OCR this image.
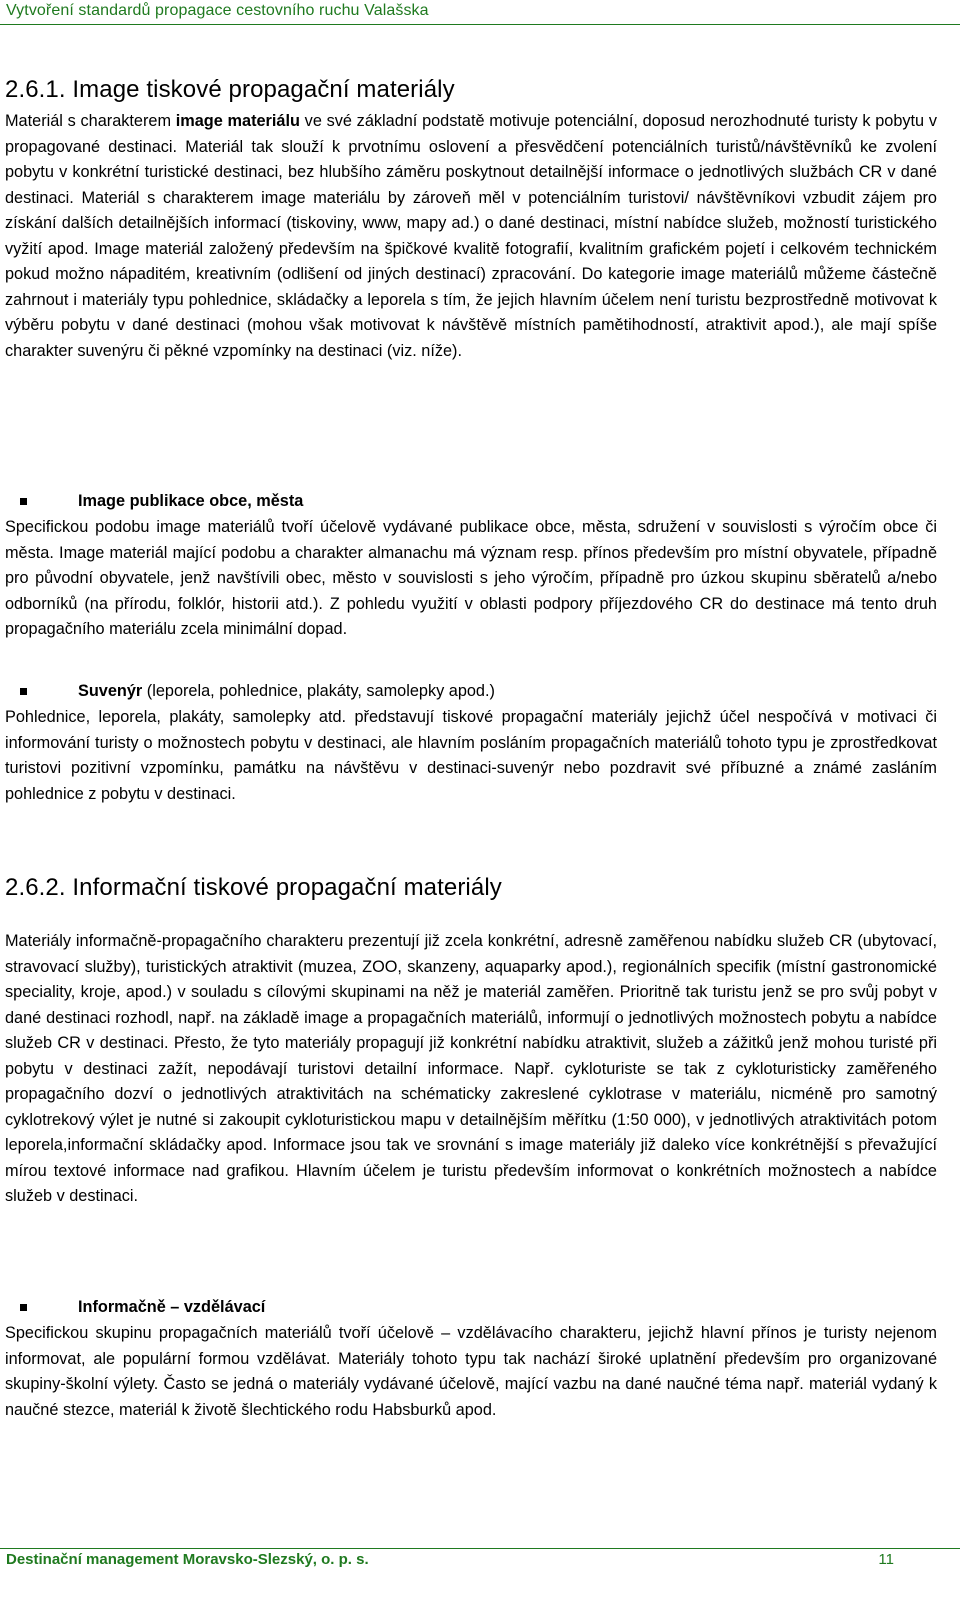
Vytvoření standardů propagace cestovního ruchu Valašska
2.6.1. Image tiskové propagační materiály

Materiál s charakterem image materiálu ve své základní podstatě motivuje potenciální, doposud nerozhodnuté turisty k pobytu v propagované destinaci. Materiál tak slouží k prvotnímu oslovení a přesvědčení potenciálních turistů/návštěvníků ke zvolení pobytu v konkrétní turistické destinaci, bez hlubšího záměru poskytnout detailnější informace o jednotlivých službách CR v dané destinaci. Materiál s charakterem image materiálu by zároveň měl v potenciálním turistovi/ návštěvníkovi vzbudit zájem pro získání dalších detailnějších informací (tiskoviny, www, mapy ad.) o dané destinaci, místní nabídce služeb, možností turistického vyžití apod. Image materiál založený především na špičkové kvalitě fotografií, kvalitním grafickém pojetí i celkovém technickém pokud možno nápaditém, kreativním (odlišení od jiných destinací) zpracování. Do kategorie image materiálů můžeme částečně zahrnout i materiály typu pohlednice, skládačky a leporela s tím, že jejich hlavním účelem není turistu bezprostředně motivovat k výběru pobytu v dané destinaci (mohou však motivovat k návštěvě místních pamětihodností, atraktivit apod.), ale mají spíše charakter suvenýru či pěkné vzpomínky na destinaci (viz. níže).

Image publikace obce, města

Specifickou podobu image materiálů tvoří účelově vydávané publikace obce, města, sdružení v souvislosti s výročím obce či města. Image materiál mající podobu a charakter almanachu má význam resp. přínos především pro místní obyvatele, případně pro původní obyvatele, jenž navštívili obec, město v souvislosti s jeho výročím, případně pro úzkou skupinu sběratelů a/nebo odborníků (na přírodu, folklór, historii atd.). Z pohledu využití v oblasti podpory příjezdového CR do destinace má tento druh propagačního materiálu zcela minimální dopad.

Suvenýr (leporela, pohlednice, plakáty, samolepky apod.)

Pohlednice, leporela, plakáty, samolepky atd. představují tiskové propagační materiály jejichž účel nespočívá v motivaci či informování turisty o možnostech pobytu v destinaci, ale hlavním posláním propagačních materiálů tohoto typu je zprostředkovat turistovi pozitivní vzpomínku, památku na návštěvu v destinaci-suvenýr nebo pozdravit své příbuzné a známé zasláním pohlednice z pobytu v destinaci.

2.6.2. Informační tiskové propagační materiály

Materiály informačně-propagačního charakteru prezentují již zcela konkrétní, adresně zaměřenou nabídku služeb CR (ubytovací, stravovací služby), turistických atraktivit (muzea, ZOO, skanzeny, aquaparky apod.), regionálních specifik (místní gastronomické speciality, kroje, apod.) v souladu s cílovými skupinami na něž je materiál zaměřen. Prioritně tak turistu jenž se pro svůj pobyt v dané destinaci rozhodl, např. na základě image a propagačních materiálů, informují o jednotlivých možnostech pobytu a nabídce služeb CR v destinaci. Přesto, že tyto materiály propagují již konkrétní nabídku atraktivit, služeb a zážitků jenž mohou turisté při pobytu v destinaci zažít, nepodávají turistovi detailní informace. Např. cykloturiste se tak z cykloturisticky zaměřeného propagačního dozví o jednotlivých atraktivitách na schématicky zakreslené cyklotrase v materiálu, nicméně pro samotný cyklotrekový výlet je nutné si zakoupit cykloturistickou mapu v detailnějším měřítku (1:50 000), v jednotlivých atraktivitách potom leporela,informační skládačky apod. Informace jsou tak ve srovnání s image materiály již daleko více konkrétnější s převažující mírou textové informace nad grafikou. Hlavním účelem je turistu především informovat o konkrétních možnostech a nabídce služeb v destinaci.

Informačně – vzdělávací

Specifickou skupinu propagačních materiálů tvoří účelově – vzdělávacího charakteru, jejichž hlavní přínos je turisty nejenom informovat, ale populární formou vzdělávat. Materiály tohoto typu tak nachází široké uplatnění především pro organizované skupiny-školní výlety. Často se jedná o materiály vydávané účelově, mající vazbu na dané naučné téma např. materiál vydaný k naučné stezce, materiál k životě šlechtického rodu Habsburků apod.

Destinační management Moravsko-Slezský, o. p. s.	11
